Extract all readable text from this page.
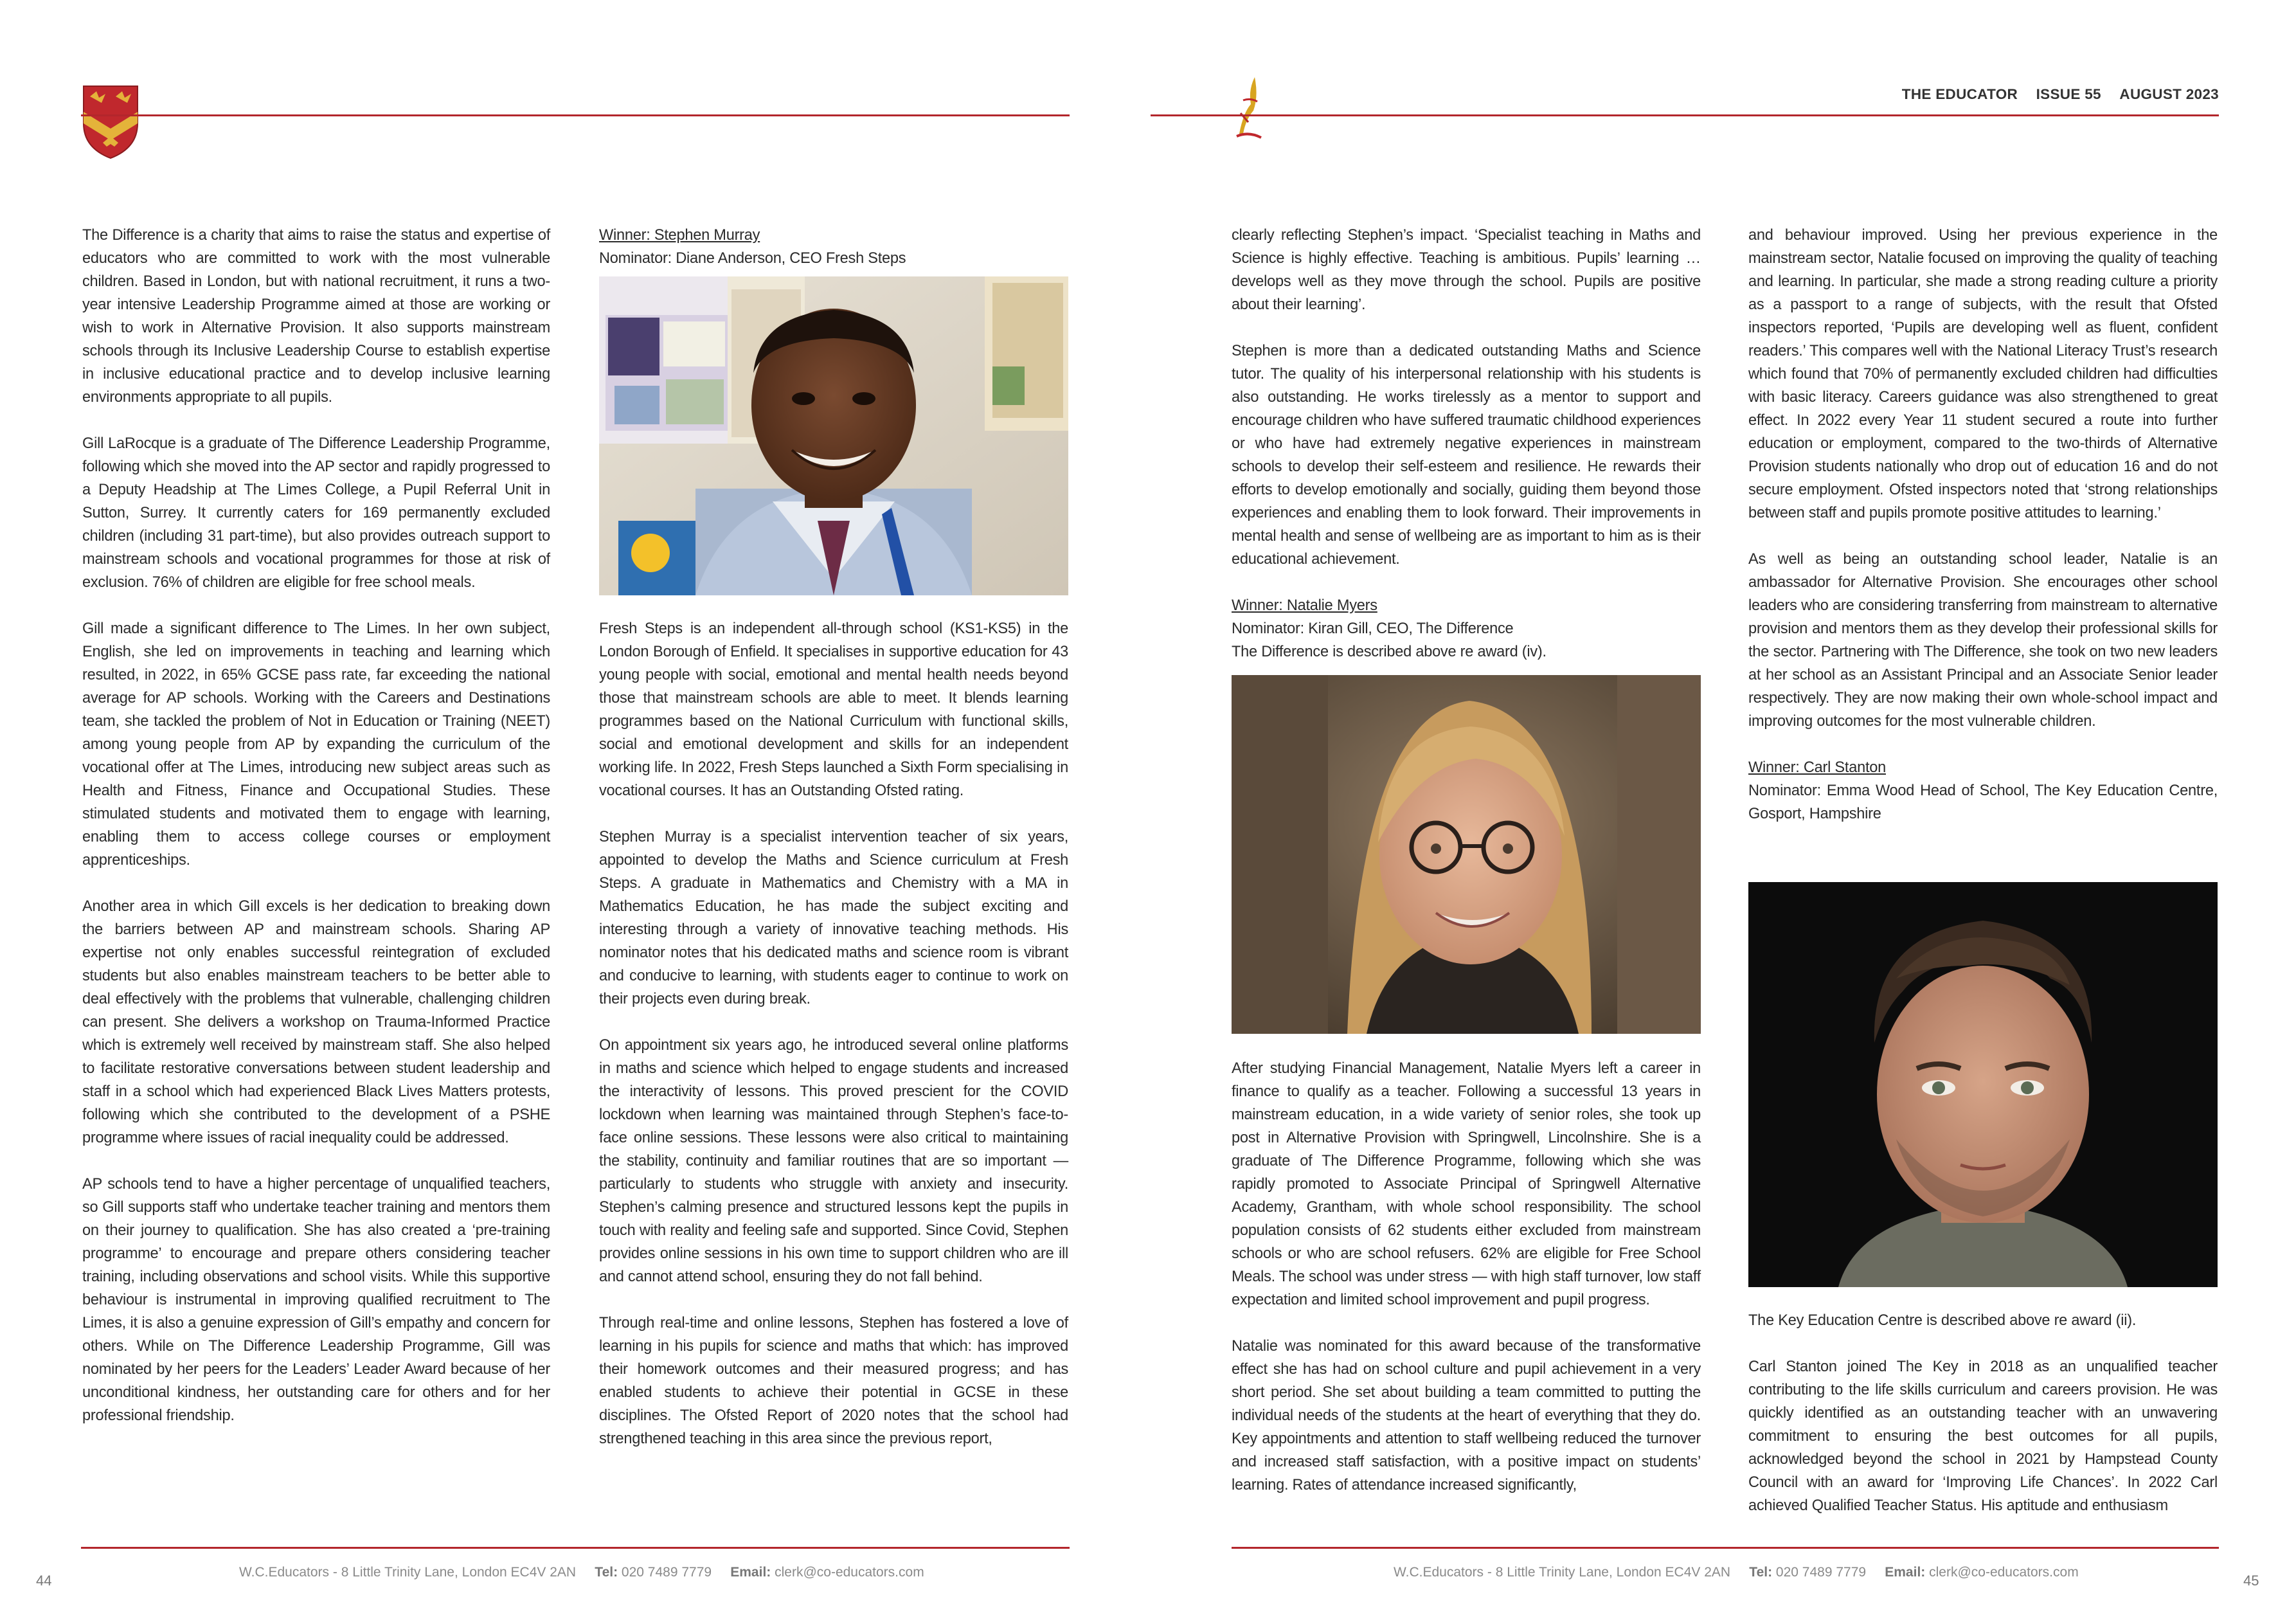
THE EDUCATOR ISSUE 55 AUGUST 2023

The Difference is a charity that aims to raise the status and expertise of educators who are committed to work with the most vulnerable children. Based in London, but with national recruitment, it runs a two-year intensive Leadership Programme aimed at those are working or wish to work in Alternative Provision. It also supports mainstream schools through its Inclusive Leadership Course to establish expertise in inclusive educational practice and to develop inclusive learning environments appropriate to all pupils.

Gill LaRocque is a graduate of The Difference Leadership Programme, following which she moved into the AP sector and rapidly progressed to a Deputy Headship at The Limes College, a Pupil Referral Unit in Sutton, Surrey. It currently caters for 169 permanently excluded children (including 31 part-time), but also provides outreach support to mainstream schools and vocational programmes for those at risk of exclusion. 76% of children are eligible for free school meals.

Gill made a significant difference to The Limes. In her own subject, English, she led on improvements in teaching and learning which resulted, in 2022, in 65% GCSE pass rate, far exceeding the national average for AP schools. Working with the Careers and Destinations team, she tackled the problem of Not in Education or Training (NEET) among young people from AP by expanding the curriculum of the vocational offer at The Limes, introducing new subject areas such as Health and Fitness, Finance and Occupational Studies. These stimulated students and motivated them to engage with learning, enabling them to access college courses or employment apprenticeships.

Another area in which Gill excels is her dedication to breaking down the barriers between AP and mainstream schools. Sharing AP expertise not only enables successful reintegration of excluded students but also enables mainstream teachers to be better able to deal effectively with the problems that vulnerable, challenging children can present. She delivers a workshop on Trauma-Informed Practice which is extremely well received by mainstream staff. She also helped to facilitate restorative conversations between student leadership and staff in a school which had experienced Black Lives Matters protests, following which she contributed to the development of a PSHE programme where issues of racial inequality could be addressed.

AP schools tend to have a higher percentage of unqualified teachers, so Gill supports staff who undertake teacher training and mentors them on their journey to qualification. She has also created a ‘pre-training programme’ to encourage and prepare others considering teacher training, including observations and school visits. While this supportive behaviour is instrumental in improving qualified recruitment to The Limes, it is also a genuine expression of Gill’s empathy and concern for others. While on The Difference Leadership Programme, Gill was nominated by her peers for the Leaders’ Leader Award because of her unconditional kindness, her outstanding care for others and for her professional friendship.

Winner: Stephen Murray

Nominator: Diane Anderson, CEO Fresh Steps

Fresh Steps is an independent all-through school (KS1-KS5) in the London Borough of Enfield. It specialises in supportive education for 43 young people with social, emotional and mental health needs beyond those that mainstream schools are able to meet. It blends learning programmes based on the National Curriculum with functional skills, social and emotional development and skills for an independent working life. In 2022, Fresh Steps launched a Sixth Form specialising in vocational courses. It has an Outstanding Ofsted rating.

Stephen Murray is a specialist intervention teacher of six years, appointed to develop the Maths and Science curriculum at Fresh Steps. A graduate in Mathematics and Chemistry with a MA in Mathematics Education, he has made the subject exciting and interesting through a variety of innovative teaching methods. His nominator notes that his dedicated maths and science room is vibrant and conducive to learning, with students eager to continue to work on their projects even during break.

On appointment six years ago, he introduced several online platforms in maths and science which helped to engage students and increased the interactivity of lessons. This proved prescient for the COVID lockdown when learning was maintained through Stephen’s face-to-face online sessions. These lessons were also critical to maintaining the stability, continuity and familiar routines that are so important — particularly to students who struggle with anxiety and insecurity. Stephen’s calming presence and structured lessons kept the pupils in touch with reality and feeling safe and supported. Since Covid, Stephen provides online sessions in his own time to support children who are ill and cannot attend school, ensuring they do not fall behind.

Through real-time and online lessons, Stephen has fostered a love of learning in his pupils for science and maths that which: has improved their homework outcomes and their measured progress; and has enabled students to achieve their potential in GCSE in these disciplines. The Ofsted Report of 2020 notes that the school had strengthened teaching in this area since the previous report,

clearly reflecting Stephen’s impact. ‘Specialist teaching in Maths and Science is highly effective. Teaching is ambitious. Pupils’ learning … develops well as they move through the school. Pupils are positive about their learning’.

Stephen is more than a dedicated outstanding Maths and Science tutor. The quality of his interpersonal relationship with his students is also outstanding. He works tirelessly as a mentor to support and encourage children who have suffered traumatic childhood experiences or who have had extremely negative experiences in mainstream schools to develop their self-esteem and resilience. He rewards their efforts to develop emotionally and socially, guiding them beyond those experiences and enabling them to look forward. Their improvements in mental health and sense of wellbeing are as important to him as is their educational achievement.

Winner: Natalie Myers

Nominator: Kiran Gill, CEO, The Difference

The Difference is described above re award (iv).

After studying Financial Management, Natalie Myers left a career in finance to qualify as a teacher. Following a successful 13 years in mainstream education, in a wide variety of senior roles, she took up post in Alternative Provision with Springwell, Lincolnshire. She is a graduate of The Difference Programme, following which she was rapidly promoted to Associate Principal of Springwell Alternative Academy, Grantham, with whole school responsibility. The school population consists of 62 students either excluded from mainstream schools or who are school refusers. 62% are eligible for Free School Meals. The school was under stress — with high staff turnover, low staff expectation and limited school improvement and pupil progress.

Natalie was nominated for this award because of the transformative effect she has had on school culture and pupil achievement in a very short period. She set about building a team committed to putting the individual needs of the students at the heart of everything that they do. Key appointments and attention to staff wellbeing reduced the turnover and increased staff satisfaction, with a positive impact on students’ learning. Rates of attendance increased significantly,

and behaviour improved. Using her previous experience in the mainstream sector, Natalie focused on improving the quality of teaching and learning. In particular, she made a strong reading culture a priority as a passport to a range of subjects, with the result that Ofsted inspectors reported, ‘Pupils are developing well as fluent, confident readers.’ This compares well with the National Literacy Trust’s research which found that 70% of permanently excluded children had difficulties with basic literacy. Careers guidance was also strengthened to great effect. In 2022 every Year 11 student secured a route into further education or employment, compared to the two-thirds of Alternative Provision students nationally who drop out of education 16 and do not secure employment. Ofsted inspectors noted that ‘strong relationships between staff and pupils promote positive attitudes to learning.’

As well as being an outstanding school leader, Natalie is an ambassador for Alternative Provision. She encourages other school leaders who are considering transferring from mainstream to alternative provision and mentors them as they develop their professional skills for the sector. Partnering with The Difference, she took on two new leaders at her school as an Assistant Principal and an Associate Senior leader respectively. They are now making their own whole-school impact and improving outcomes for the most vulnerable children.

Winner: Carl Stanton

Nominator: Emma Wood Head of School, The Key Education Centre, Gosport, Hampshire

The Key Education Centre is described above re award (ii).

Carl Stanton joined The Key in 2018 as an unqualified teacher contributing to the life skills curriculum and careers provision. He was quickly identified as an outstanding teacher with an unwavering commitment to ensuring the best outcomes for all pupils, acknowledged beyond the school in 2021 by Hampstead County Council with an award for ‘Improving Life Chances’. In 2022 Carl achieved Qualified Teacher Status. His aptitude and enthusiasm

W.C.Educators - 8 Little Trinity Lane, London EC4V 2AN Tel: 020 7489 7779 Email: clerk@co-educators.com
44
W.C.Educators - 8 Little Trinity Lane, London EC4V 2AN Tel: 020 7489 7779 Email: clerk@co-educators.com
45
